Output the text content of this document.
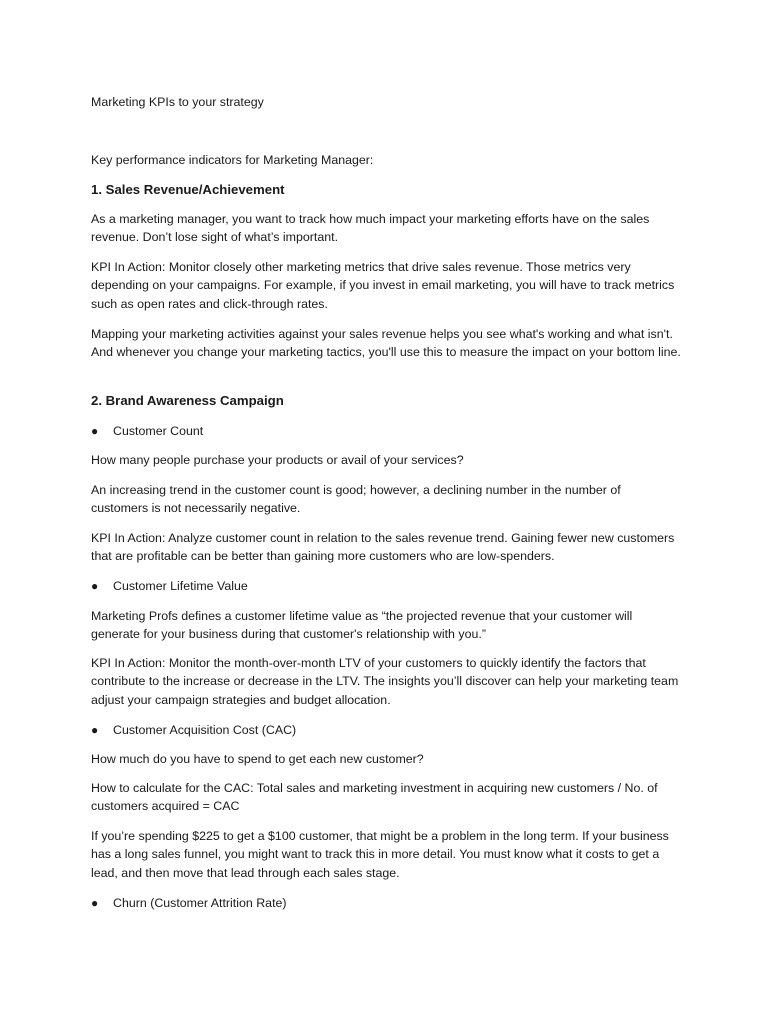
Marketing KPIs to your strategy

Key performance indicators for Marketing Manager:

1. Sales Revenue/Achievement

As a marketing manager, you want to track how much impact your marketing efforts have on the sales revenue. Don’t lose sight of what’s important.

KPI In Action: Monitor closely other marketing metrics that drive sales revenue. Those metrics very depending on your campaigns. For example, if you invest in email marketing, you will have to track metrics such as open rates and click-through rates.

Mapping your marketing activities against your sales revenue helps you see what's working and what isn't. And whenever you change your marketing tactics, you'll use this to measure the impact on your bottom line.

2. Brand Awareness Campaign
●	Customer Count

How many people purchase your products or avail of your services?

An increasing trend in the customer count is good; however, a declining number in the number of customers is not necessarily negative.

KPI In Action: Analyze customer count in relation to the sales revenue trend. Gaining fewer new customers that are profitable can be better than gaining more customers who are low-spenders.

●	Customer Lifetime Value

Marketing Profs defines a customer lifetime value as “the projected revenue that your customer will generate for your business during that customer's relationship with you.”

KPI In Action: Monitor the month-over-month LTV of your customers to quickly identify the factors that contribute to the increase or decrease in the LTV. The insights you’ll discover can help your marketing team adjust your campaign strategies and budget allocation.

●	Customer Acquisition Cost (CAC)

How much do you have to spend to get each new customer?

How to calculate for the CAC: Total sales and marketing investment in acquiring new customers / No. of customers acquired = CAC

If you’re spending $225 to get a $100 customer, that might be a problem in the long term. If your business has a long sales funnel, you might want to track this in more detail. You must know what it costs to get a lead, and then move that lead through each sales stage.

●	Churn (Customer Attrition Rate)
